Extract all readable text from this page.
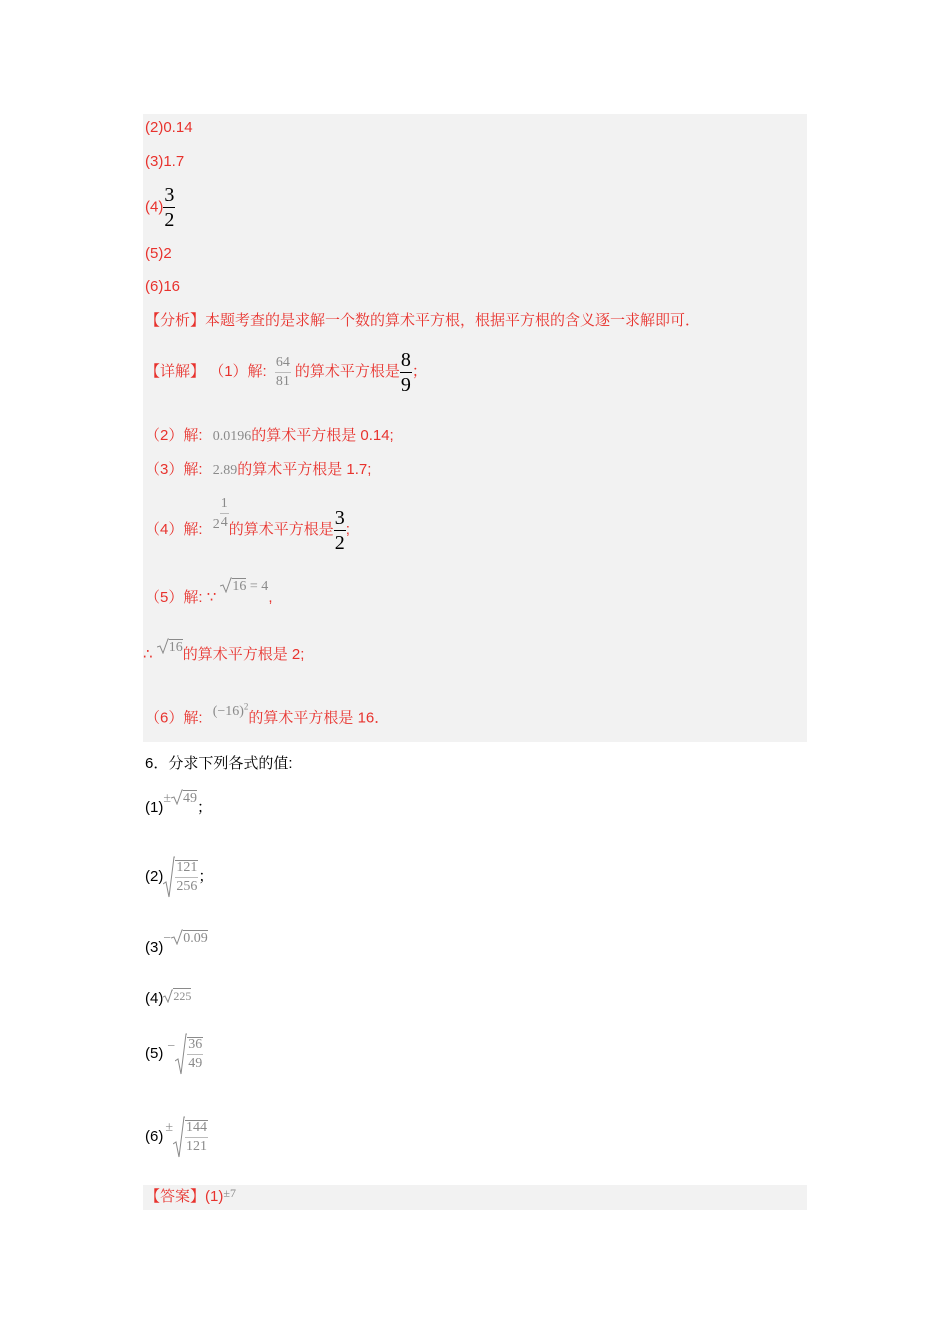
(2)0.14
(3)1.7
$(4) \frac{3}{2}$
(5)2
(6)16
【分析】本题考查的是求解一个数的算术平方根，根据平方根的含义逐一求解即可．
【详解】 （1）解: $\frac{64}{81}$ 的算术平方根是 $\frac{8}{9}$ ；
（2）解: 0.0196的算术平方根是 0.14;
（3）解: 2.89的算术平方根是 1.7;
（4）解: $2 \frac{1}{4}$ 的算术平方根是 $\frac{3}{2}$ ;
（5）解: ∵ 16 = 4,
∴ 16的算术平方根是 2;
（6）解: $(-16)^2$的算术平方根是 16．
6．分求下列各式的值:
(1)± 49；
$(2) \frac{121}{256}$ ；
(3)− 0.09
(4) $^{225}$
$(5) - \frac{36}{49}$
$(6)\pm \frac{144}{121}$
【答案】$(1)^{\pm 7}$
